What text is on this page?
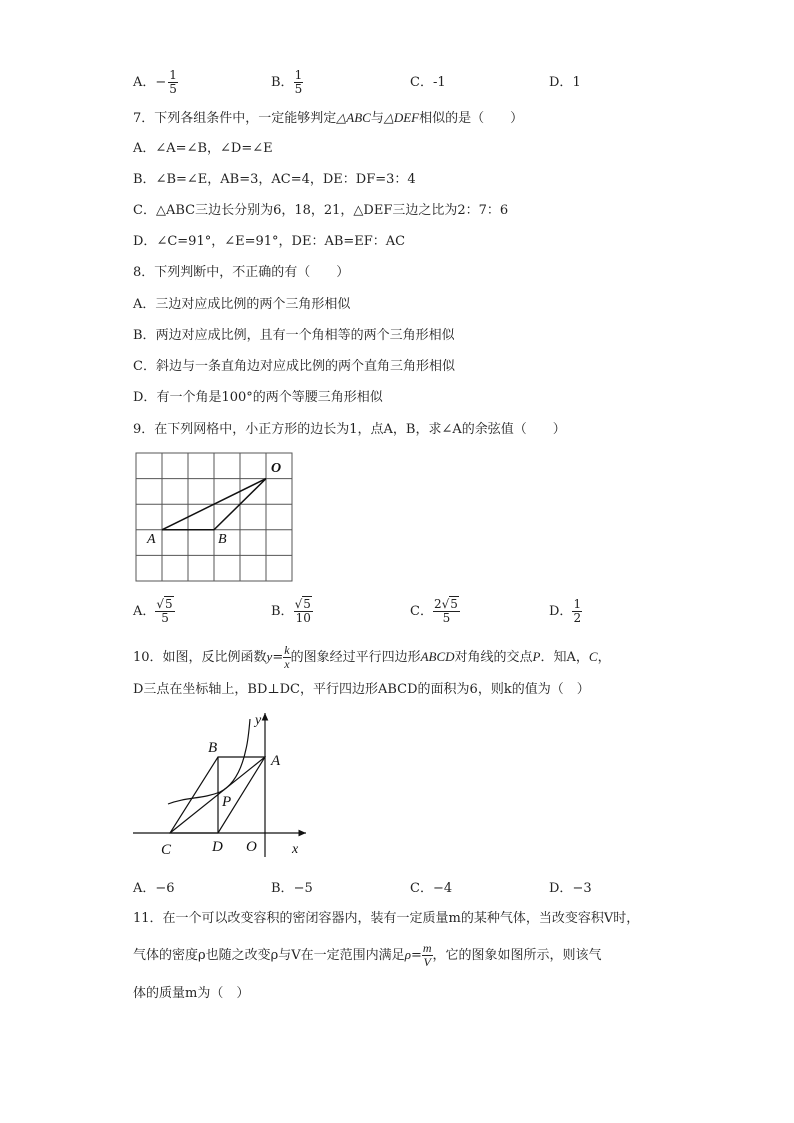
A．− $\frac{1}{5}$	B． $\frac{1}{5}$	C．-1	D．1
7．下列各组条件中，一定能够判定△ABC与△DEF相似的是（　　）
A．∠A=∠B，∠D=∠E
B．∠B=∠E，AB=3，AC=4，DE：DF=3：4
C．△ABC三边长分别为6，18，21，△DEF三边之比为2：7：6
D．∠C=91°，∠E=91°，DE：AB=EF：AC
8．下列判断中，不正确的有（　　）
A．三边对应成比例的两个三角形相似
B．两边对应成比例，且有一个角相等的两个三角形相似
C．斜边与一条直角边对应成比例的两个直角三角形相似
D．有一个角是100°的两个等腰三角形相似
9．在下列网格中，小正方形的边长为1，点A，B，求∠A的余弦值（　　）
O
A	B
A． $\frac{√5}{5}$	B． $\frac{√5}{10}$	C． $\frac{2√5}{5}$	D． $\frac{1}{2}$
10．如图，反比例函数$y= \frac{k}{x}$ 的图象经过平行四边形ABCD对角线的交点P．知A，C，
D三点在坐标轴上，BD⊥DC，平行四边形ABCD的面积为6，则k的值为（　）
y
x
B
A
P
C	D O
A．−6	B．−5	C．−4	D．−3
11．在一个可以改变容积的密闭容器内，装有一定质量m的某种气体，当改变容积V时，
气体的密度ρ也随之改变ρ与V在一定范围内满足$\rho= \frac{m}{V}$ ，它的图象如图所示，则该气
体的质量m为（　）
